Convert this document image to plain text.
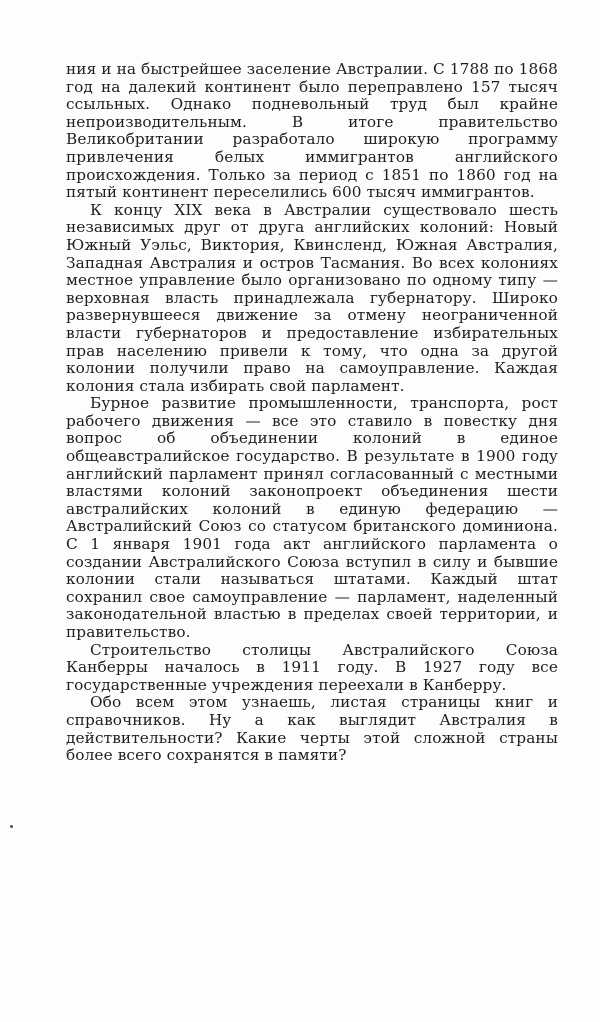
ния и на быстрейшее заселение Австралии. С 1788 по 1868 год на далекий континент было переправлено 157 тысяч ссыльных. Однако подневольный труд был крайне непроизводительным. В итоге правительство Великобритании разработало широкую программу привлечения белых иммигрантов английского происхождения. Только за период с 1851 по 1860 год на пятый континент переселились 600 тысяч иммигрантов.

К концу XIX века в Австралии существовало шесть независимых друг от друга английских колоний: Новый Южный Уэльс, Виктория, Квинсленд, Южная Австралия, Западная Австралия и остров Тасмания. Во всех колониях местное управление было организовано по одному типу — верховная власть принадлежала губернатору. Широко развернувшееся движение за отмену неограниченной власти губернаторов и предоставление избирательных прав населению привели к тому, что одна за другой колонии получили право на самоуправление. Каждая колония стала избирать свой парламент.

Бурное развитие промышленности, транспорта, рост рабочего движения — все это ставило в повестку дня вопрос об объединении колоний в единое общеавстралийское государство. В результате в 1900 году английский парламент принял согласованный с местными властями колоний законопроект объединения шести австралийских колоний в единую федерацию — Австралийский Союз со статусом британского доминиона. С 1 января 1901 года акт английского парламента о создании Австралийского Союза вступил в силу и бывшие колонии стали называться штатами. Каждый штат сохранил свое самоуправление — парламент, наделенный законодательной властью в пределах своей территории, и правительство.

Строительство столицы Австралийского Союза Канберры началось в 1911 году. В 1927 году все государственные учреждения переехали в Канберру.

Обо всем этом узнаешь, листая страницы книг и справочников. Ну а как выглядит Австралия в действительности? Какие черты этой сложной страны более всего сохранятся в памяти?
